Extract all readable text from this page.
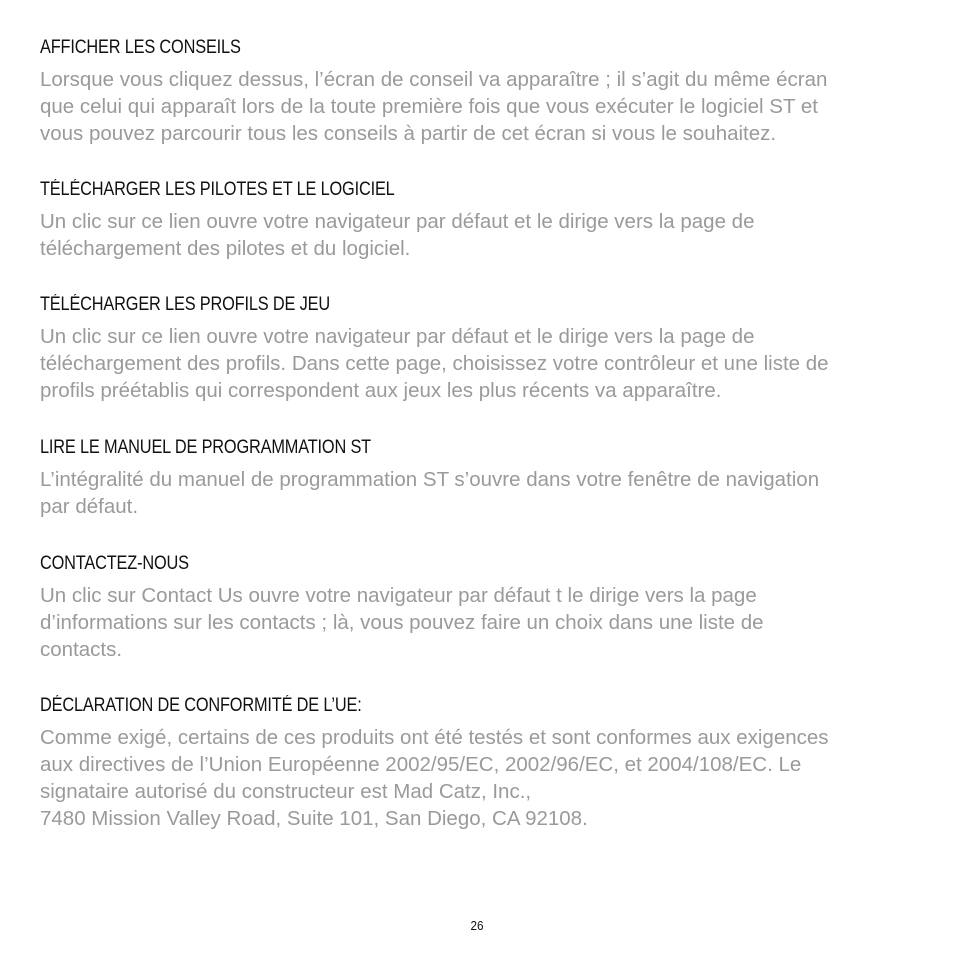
AFFICHER LES CONSEILS

Lorsque vous cliquez dessus, l’écran de conseil va apparaître ; il s’agit du même écran
que celui qui apparaît lors de la toute première fois que vous exécuter le logiciel ST et
vous pouvez parcourir tous les conseils à partir de cet écran si vous le souhaitez.

TÉLÉCHARGER LES PILOTES ET LE LOGICIEL

Un clic sur ce lien ouvre votre navigateur par défaut et le dirige vers la page de
téléchargement des pilotes et du logiciel.

TÉLÉCHARGER LES PROFILS DE JEU

Un clic sur ce lien ouvre votre navigateur par défaut et le dirige vers la page de
téléchargement des profils. Dans cette page, choisissez votre contrôleur et une liste de
profils préétablis qui correspondent aux jeux les plus récents va apparaître.

LIRE LE MANUEL DE PROGRAMMATION ST

L’intégralité du manuel de programmation ST s’ouvre dans votre fenêtre de navigation
par défaut.

CONTACTEZ-NOUS

Un clic sur Contact Us ouvre votre navigateur par défaut t le dirige vers la page
d’informations sur les contacts ; là, vous pouvez faire un choix dans une liste de
contacts.

DÉCLARATION DE CONFORMITÉ DE L’UE:

Comme exigé, certains de ces produits ont été testés et sont conformes aux exigences
aux directives de l’Union Européenne 2002/95/EC, 2002/96/EC, et 2004/108/EC. Le
signataire autorisé du constructeur est Mad Catz, Inc.,
7480 Mission Valley Road, Suite 101, San Diego, CA 92108.

26
